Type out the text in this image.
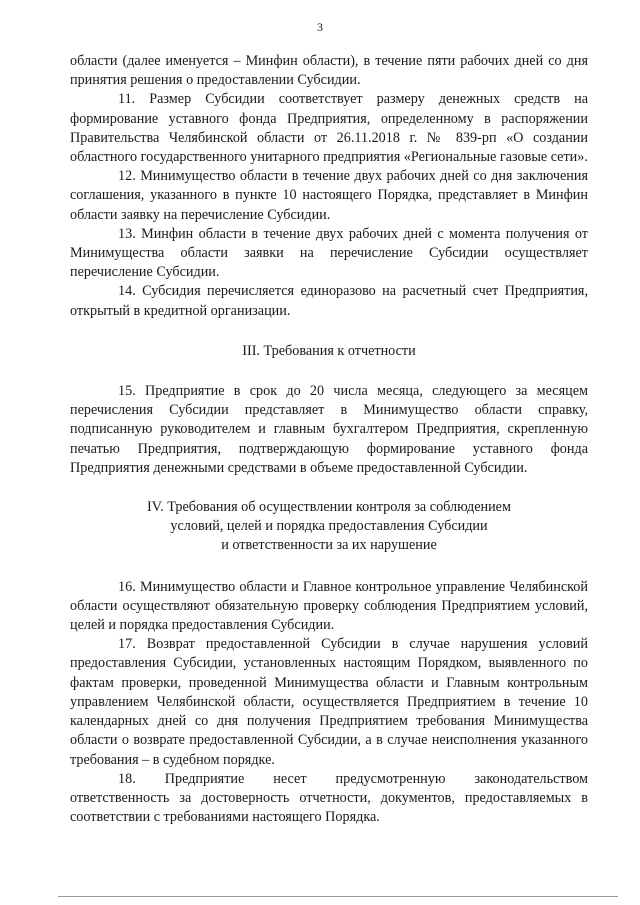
3

области (далее именуется – Минфин области), в течение пяти рабочих дней со дня принятия решения о предоставлении Субсидии.

11. Размер Субсидии соответствует размеру денежных средств на формирование уставного фонда Предприятия, определенному в распоряжении Правительства Челябинской области от 26.11.2018 г. № 839-рп «О создании областного государственного унитарного предприятия «Региональные газовые сети».

12. Минимущество области в течение двух рабочих дней со дня заключения соглашения, указанного в пункте 10 настоящего Порядка, представляет в Минфин области заявку на перечисление Субсидии.

13. Минфин области в течение двух рабочих дней с момента получения от Минимущества области заявки на перечисление Субсидии осуществляет перечисление Субсидии.

14. Субсидия перечисляется единоразово на расчетный счет Предприятия, открытый в кредитной организации.

III. Требования к отчетности

15. Предприятие в срок до 20 числа месяца, следующего за месяцем перечисления Субсидии представляет в Минимущество области справку, подписанную руководителем и главным бухгалтером Предприятия, скрепленную печатью Предприятия, подтверждающую формирование уставного фонда Предприятия денежными средствами в объеме предоставленной Субсидии.

IV. Требования об осуществлении контроля за соблюдением
условий, целей и порядка предоставления Субсидии
и ответственности за их нарушение

16. Минимущество области и Главное контрольное управление Челябинской области осуществляют обязательную проверку соблюдения Предприятием условий, целей и порядка предоставления Субсидии.

17. Возврат предоставленной Субсидии в случае нарушения условий предоставления Субсидии, установленных настоящим Порядком, выявленного по фактам проверки, проведенной Минимущества области и Главным контрольным управлением Челябинской области, осуществляется Предприятием в течение 10 календарных дней со дня получения Предприятием требования Минимущества области о возврате предоставленной Субсидии, а в случае неисполнения указанного требования – в судебном порядке.

18. Предприятие несет предусмотренную законодательством ответственность за достоверность отчетности, документов, предоставляемых в соответствии с требованиями настоящего Порядка.
